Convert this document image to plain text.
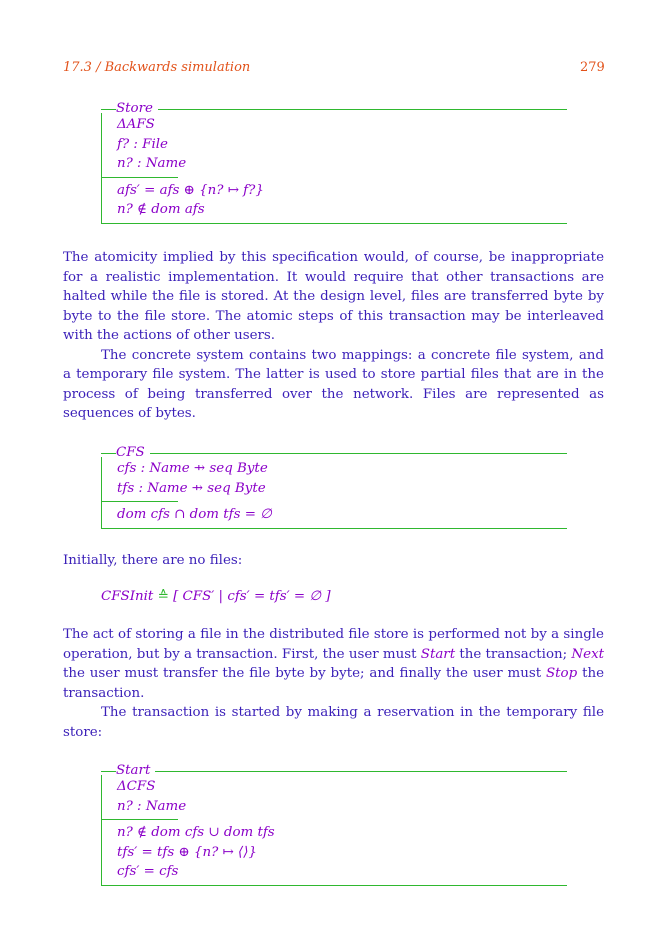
17.3 / Backwards simulation	279
Store
ΔAFS
f? : File
n? : Name
afs′ = afs ⊕ {n? ↦ f?}
n? ∉ dom afs

The atomicity implied by this specification would, of course, be inappropriate for a realistic implementation. It would require that other transactions are halted while the file is stored. At the design level, files are transferred byte by byte to the file store. The atomic steps of this transaction may be interleaved with the actions of other users.

The concrete system contains two mappings: a concrete file system, and a temporary file system. The latter is used to store partial files that are in the process of being transferred over the network. Files are represented as sequences of bytes.

CFS
cfs : Name ⇸ seq Byte
tfs : Name ⇸ seq Byte
dom cfs ∩ dom tfs = ∅

Initially, there are no files:

CFSInit ≙ [ CFS′ | cfs′ = tfs′ = ∅ ]

The act of storing a file in the distributed file store is performed not by a single operation, but by a transaction. First, the user must Start the transaction; Next the user must transfer the file byte by byte; and finally the user must Stop the transaction.

The transaction is started by making a reservation in the temporary file store:

Start
ΔCFS
n? : Name
n? ∉ dom cfs ∪ dom tfs
tfs′ = tfs ⊕ {n? ↦ ⟨⟩}
cfs′ = cfs
